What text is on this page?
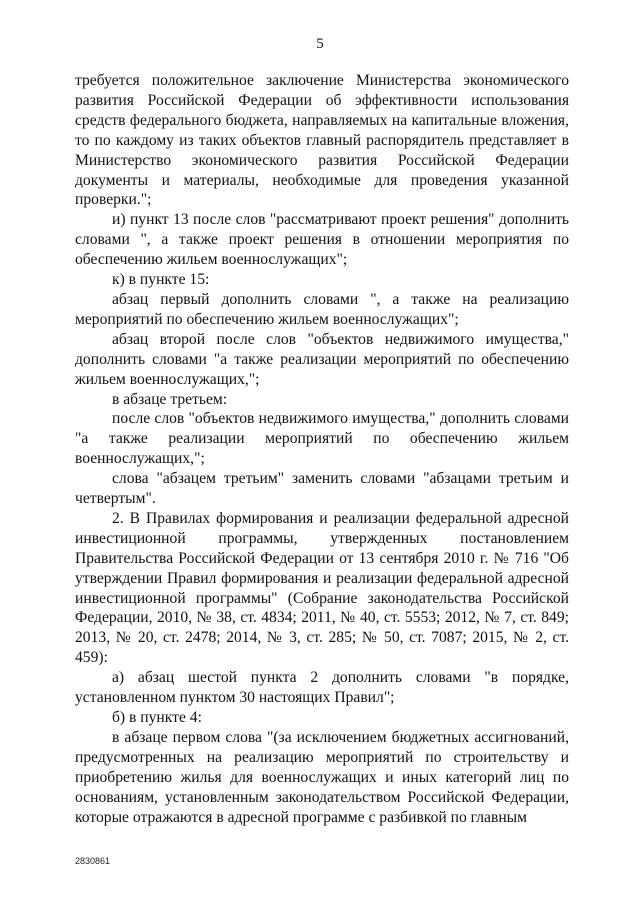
5

требуется положительное заключение Министерства экономического развития Российской Федерации об эффективности использования средств федерального бюджета, направляемых на капитальные вложения, то по каждому из таких объектов главный распорядитель представляет в Министерство экономического развития Российской Федерации документы и материалы, необходимые для проведения указанной проверки.";

и) пункт 13 после слов "рассматривают проект решения" дополнить словами ", а также проект решения в отношении мероприятия по обеспечению жильем военнослужащих";

к) в пункте 15:

абзац первый дополнить словами ", а также на реализацию мероприятий по обеспечению жильем военнослужащих";

абзац второй после слов "объектов недвижимого имущества," дополнить словами "а также реализации мероприятий по обеспечению жильем военнослужащих,";

в абзаце третьем:

после слов "объектов недвижимого имущества," дополнить словами "а также реализации мероприятий по обеспечению жильем военнослужащих,";

слова "абзацем третьим" заменить словами "абзацами третьим и четвертым".

2. В Правилах формирования и реализации федеральной адресной инвестиционной программы, утвержденных постановлением Правительства Российской Федерации от 13 сентября 2010 г. № 716 "Об утверждении Правил формирования и реализации федеральной адресной инвестиционной программы" (Собрание законодательства Российской Федерации, 2010, № 38, ст. 4834; 2011, № 40, ст. 5553; 2012, № 7, ст. 849; 2013, № 20, ст. 2478; 2014, № 3, ст. 285; № 50, ст. 7087; 2015, № 2, ст. 459):

а) абзац шестой пункта 2 дополнить словами "в порядке, установленном пунктом 30 настоящих Правил";

б) в пункте 4:

в абзаце первом слова "(за исключением бюджетных ассигнований, предусмотренных на реализацию мероприятий по строительству и приобретению жилья для военнослужащих и иных категорий лиц по основаниям, установленным законодательством Российской Федерации, которые отражаются в адресной программе с разбивкой по главным

2830861
